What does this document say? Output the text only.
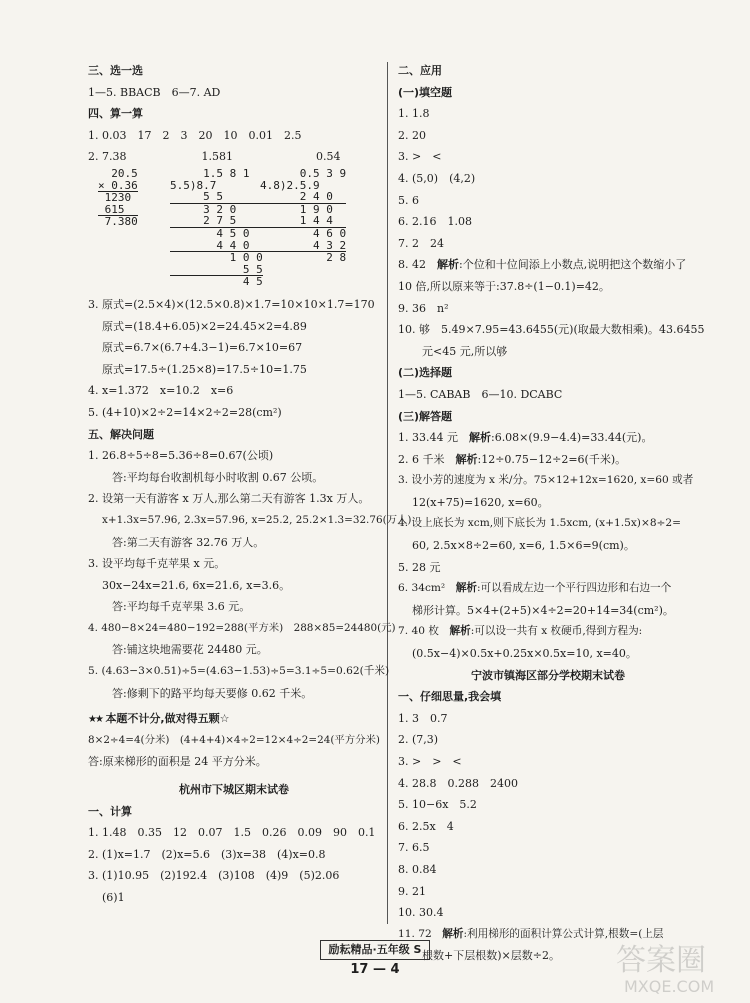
三、选一选
1—5. BBACB　6—7. AD
四、算一算
1. 0.03　17　2　3　20　10　0.01　2.5
2. 7.38	1.581	0.54
20.5
× 0.36
1230
615
7.380
1.5 8 1
5.5)8.7
5 5
3 2 0
2 7 5
4 5 0
4 4 0
1 0 0
5 5
4 5
0.5 3 9
4.8)2.5.9
2 4 0
1 9 0
1 4 4
4 6 0
4 3 2
2 8
3. 原式=(2.5×4)×(12.5×0.8)×1.7=10×10×1.7=170
原式=(18.4+6.05)×2=24.45×2=4.89
原式=6.7×(6.7+4.3−1)=6.7×10=67
原式=17.5÷(1.25×8)=17.5÷10=1.75
4. x=1.372　x=10.2　x=6
5. (4+10)×2÷2=14×2÷2=28(cm²)
五、解决问题
1. 26.8÷5÷8=5.36÷8=0.67(公顷)
答:平均每台收割机每小时收割 0.67 公顷。
2. 设第一天有游客 x 万人,那么第二天有游客 1.3x 万人。
x+1.3x=57.96, 2.3x=57.96, x=25.2, 25.2×1.3=32.76(万人)
答:第二天有游客 32.76 万人。
3. 设平均每千克苹果 x 元。
30x−24x=21.6, 6x=21.6, x=3.6。
答:平均每千克苹果 3.6 元。
4. 480−8×24=480−192=288(平方米)　288×85=24480(元)
答:铺这块地需要花 24480 元。
5. (4.63−3×0.51)÷5=(4.63−1.53)÷5=3.1÷5=0.62(千米)
答:修剩下的路平均每天要修 0.62 千米。
★★ 本题不计分,做对得五颗☆
8×2÷4=4(分米)　(4+4+4)×4÷2=12×4÷2=24(平方分米)
答:原来梯形的面积是 24 平方分米。
杭州市下城区期末试卷
一、计算
1. 1.48　0.35　12　0.07　1.5　0.26　0.09　90　0.1
2. (1)x=1.7　(2)x=5.6　(3)x=38　(4)x=0.8
3. (1)10.95　(2)192.4　(3)108　(4)9　(5)2.06
(6)1
二、应用
(一)填空题
1. 1.8
2. 20
3. >　<
4. (5,0)　(4,2)
5. 6
6. 2.16　1.08
7. 2　24
8. 42　解析:个位和十位间添上小数点,说明把这个数缩小了 10 倍,所以原来等于:37.8÷(1−0.1)=42。
9. 36　n²
10. 够　5.49×7.95=43.6455(元)(取最大数相乘)。43.6455
元<45 元,所以够
(二)选择题
1—5. CABAB　6—10. DCABC
(三)解答题
1. 33.44 元　解析:6.08×(9.9−4.4)=33.44(元)。
2. 6 千米　解析:12÷0.75−12÷2=6(千米)。
3. 设小芳的速度为 x 米/分。75×12+12x=1620, x=60 或者
12(x+75)=1620, x=60。
4. 设上底长为 xcm,则下底长为 1.5xcm, (x+1.5x)×8÷2=
60, 2.5x×8÷2=60, x=6, 1.5×6=9(cm)。
5. 28 元
6. 34cm²　解析:可以看成左边一个平行四边形和右边一个
梯形计算。5×4+(2+5)×4÷2=20+14=34(cm²)。
7. 40 枚　解析:可以设一共有 x 枚硬币,得到方程为:
(0.5x−4)×0.5x+0.25x×0.5x=10, x=40。
宁波市镇海区部分学校期末试卷
一、仔细思量,我会填
1. 3　0.7
2. (7,3)
3. >　>　<
4. 28.8　0.288　2400
5. 10−6x　5.2
6. 2.5x　4
7. 6.5
8. 0.84
9. 21
10. 30.4
11. 72　解析:利用梯形的面积计算公式计算,根数=(上层
根数+下层根数)×层数÷2。
励耘精品·五年级 S
17 — 4	答案圈
MXQE.COM
